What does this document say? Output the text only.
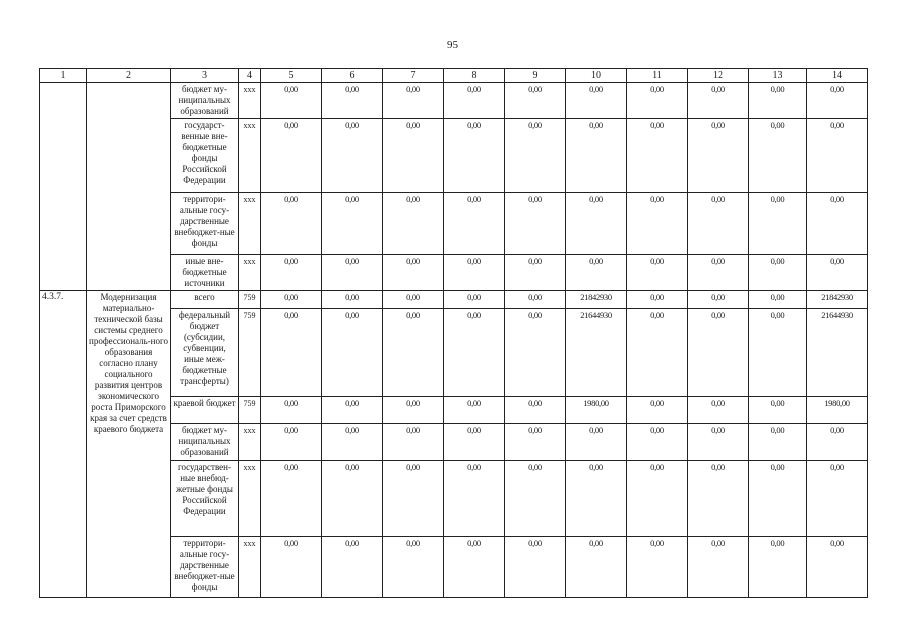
95
1	2	3	4	5	6	7	8	9	10	11	12	13	14
		бюджет му-ниципальных образований	ххх	0,00	0,00	0,00	0,00	0,00	0,00	0,00	0,00	0,00	0,00
		государст-венные вне-бюджетные фонды Российской Федерации	ххх	0,00	0,00	0,00	0,00	0,00	0,00	0,00	0,00	0,00	0,00
		территори-альные госу-дарственные внебюджет-ные фонды	ххх	0,00	0,00	0,00	0,00	0,00	0,00	0,00	0,00	0,00	0,00
		иные вне-бюджетные источники	ххх	0,00	0,00	0,00	0,00	0,00	0,00	0,00	0,00	0,00	0,00
4.3.7.	Модернизация материально-технической базы системы среднего профессиональ-ного образования согласно плану социального развития центров экономического роста Приморского края за счет средств краевого бюджета	всего	759	0,00	0,00	0,00	0,00	0,00	21842930	0,00	0,00	0,00	21842930
		федеральный бюджет (субсидии, субвенции, иные меж-бюджетные трансферты)	759	0,00	0,00	0,00	0,00	0,00	21644930	0,00	0,00	0,00	21644930
		краевой бюджет	759	0,00	0,00	0,00	0,00	0,00	1980,00	0,00	0,00	0,00	1980,00
		бюджет му-ниципальных образований	ххх	0,00	0,00	0,00	0,00	0,00	0,00	0,00	0,00	0,00	0,00
		государствен-ные внебюд-жетные фонды Российской Федерации	ххх	0,00	0,00	0,00	0,00	0,00	0,00	0,00	0,00	0,00	0,00
		территори-альные госу-дарственные внебюджет-ные фонды	ххх	0,00	0,00	0,00	0,00	0,00	0,00	0,00	0,00	0,00	0,00
